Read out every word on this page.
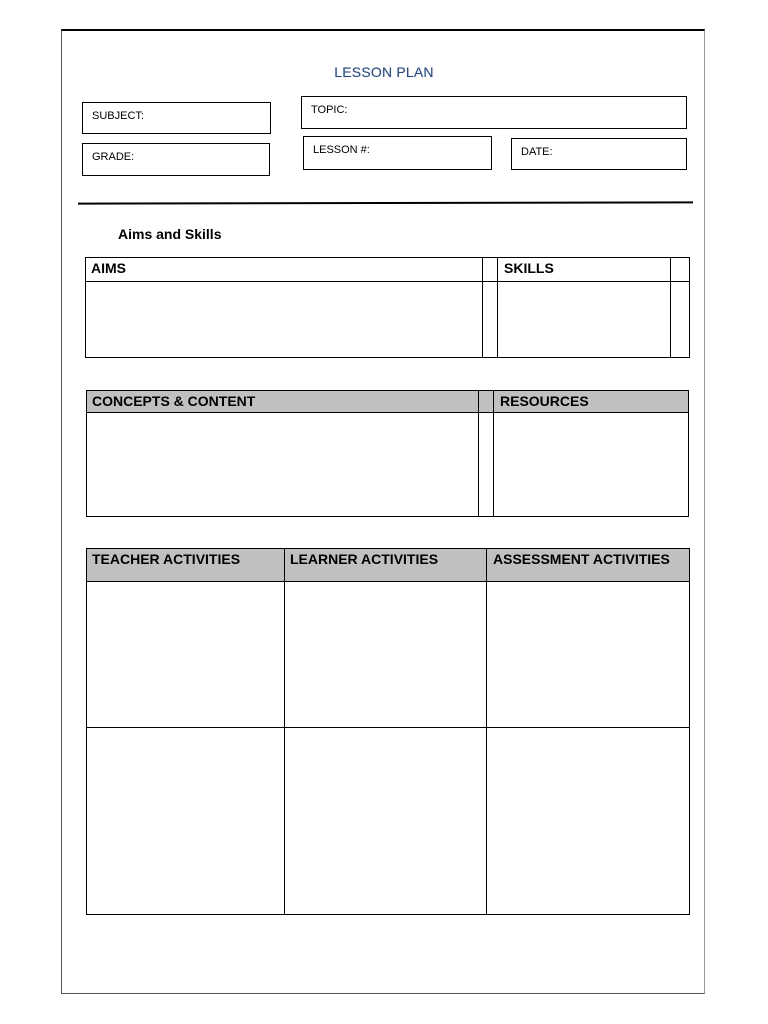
LESSON PLAN
SUBJECT:	TOPIC:
GRADE:
LESSON #:	DATE:
Aims and Skills
AIMS	SKILLS
CONCEPTS & CONTENT	RESOURCES
TEACHER ACTIVITIES	LEARNER ACTIVITIES	ASSESSMENT ACTIVITIES
